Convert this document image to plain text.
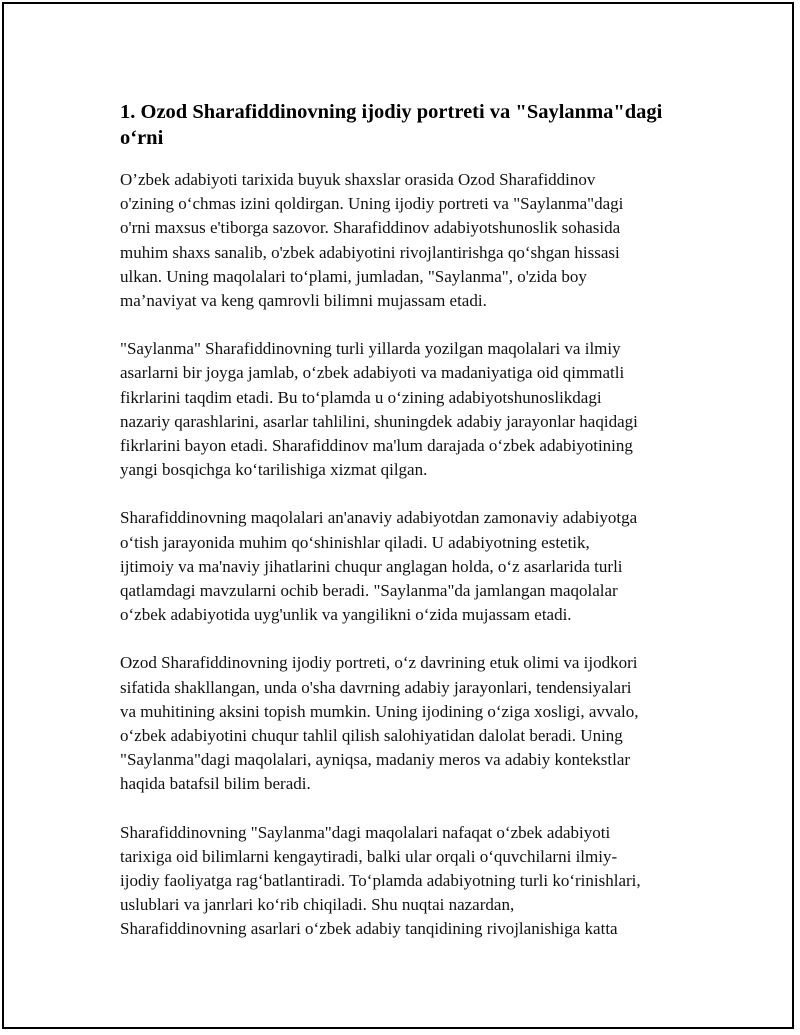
1. Ozod Sharafiddinovning ijodiy portreti va "Saylanma"dagi o‘rni

O’zbek adabiyoti tarixida buyuk shaxslar orasida Ozod Sharafiddinov
o'zining o‘chmas izini qoldirgan. Uning ijodiy portreti va "Saylanma"dagi
o'rni maxsus e'tiborga sazovor. Sharafiddinov adabiyotshunoslik sohasida
muhim shaxs sanalib, o'zbek adabiyotini rivojlantirishga qo‘shgan hissasi
ulkan. Uning maqolalari to‘plami, jumladan, "Saylanma", o'zida boy
ma’naviyat va keng qamrovli bilimni mujassam etadi.

"Saylanma" Sharafiddinovning turli yillarda yozilgan maqolalari va ilmiy
asarlarni bir joyga jamlab, o‘zbek adabiyoti va madaniyatiga oid qimmatli
fikrlarini taqdim etadi. Bu to‘plamda u o‘zining adabiyotshunoslikdagi
nazariy qarashlarini, asarlar tahlilini, shuningdek adabiy jarayonlar haqidagi
fikrlarini bayon etadi. Sharafiddinov ma'lum darajada o‘zbek adabiyotining
yangi bosqichga ko‘tarilishiga xizmat qilgan.

Sharafiddinovning maqolalari an'anaviy adabiyotdan zamonaviy adabiyotga
o‘tish jarayonida muhim qo‘shinishlar qiladi. U adabiyotning estetik,
ijtimoiy va ma'naviy jihatlarini chuqur anglagan holda, o‘z asarlarida turli
qatlamdagi mavzularni ochib beradi. "Saylanma"da jamlangan maqolalar
o‘zbek adabiyotida uyg'unlik va yangilikni o‘zida mujassam etadi.

Ozod Sharafiddinovning ijodiy portreti, o‘z davrining etuk olimi va ijodkori
sifatida shakllangan, unda o'sha davrning adabiy jarayonlari, tendensiyalari
va muhitining aksini topish mumkin. Uning ijodining o‘ziga xosligi, avvalo,
o‘zbek adabiyotini chuqur tahlil qilish salohiyatidan dalolat beradi. Uning
"Saylanma"dagi maqolalari, ayniqsa, madaniy meros va adabiy kontekstlar
haqida batafsil bilim beradi.

Sharafiddinovning "Saylanma"dagi maqolalari nafaqat o‘zbek adabiyoti
tarixiga oid bilimlarni kengaytiradi, balki ular orqali o‘quvchilarni ilmiy-
ijodiy faoliyatga rag‘batlantiradi. To‘plamda adabiyotning turli ko‘rinishlari,
uslublari va janrlari ko‘rib chiqiladi. Shu nuqtai nazardan,
Sharafiddinovning asarlari o‘zbek adabiy tanqidining rivojlanishiga katta
